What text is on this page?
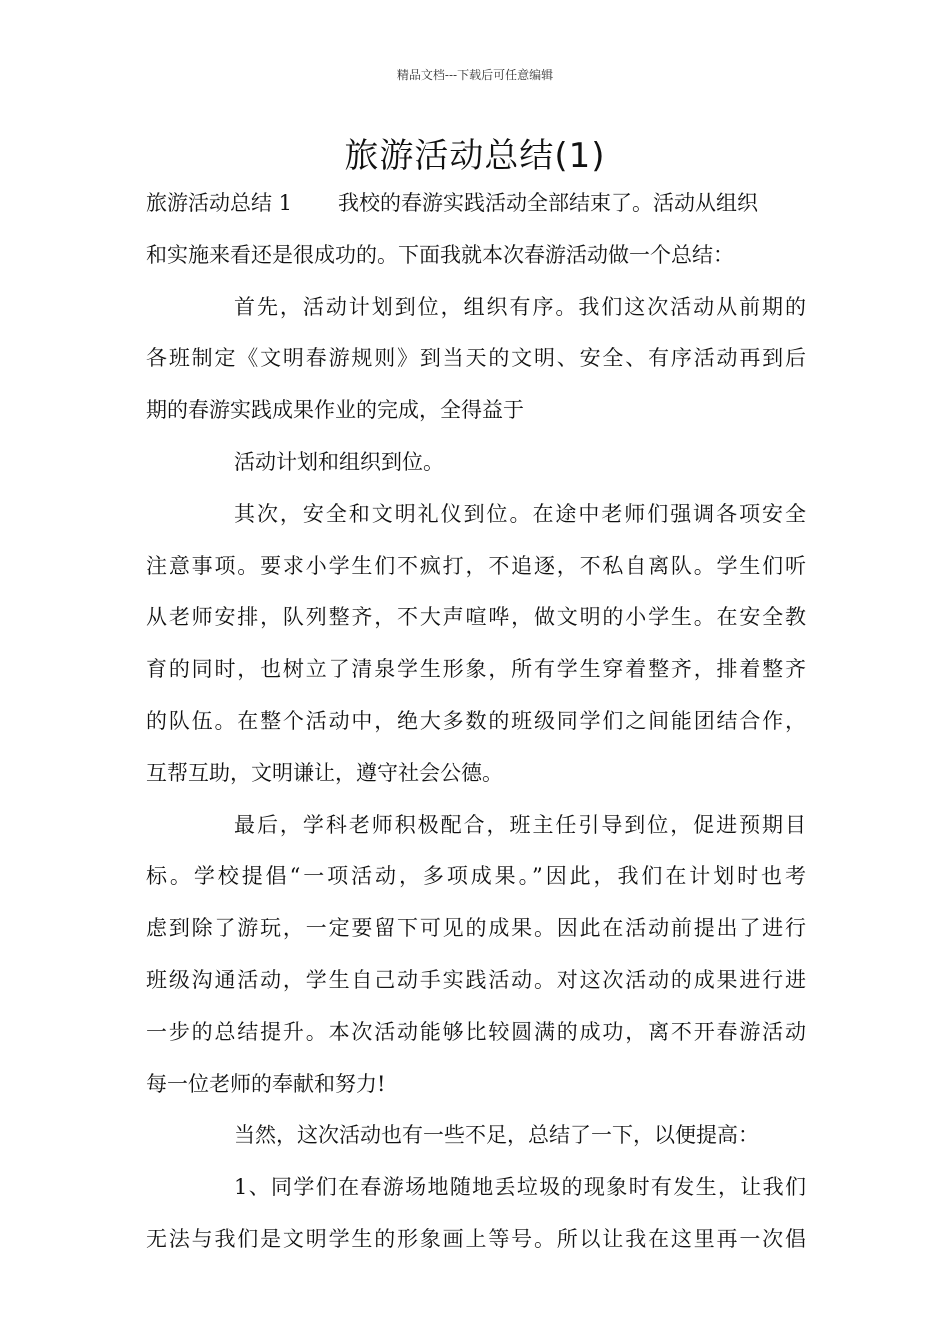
精品文档---下载后可任意编辑
旅游活动总结(1)
旅游活动总结 1 我校的春游实践活动全部结束了。活动从组织
和实施来看还是很成功的。下面我就本次春游活动做一个总结：
首先，活动计划到位，组织有序。我们这次活动从前期的
各班制定《文明春游规则》到当天的文明、安全、有序活动再到后
期的春游实践成果作业的完成，全得益于
活动计划和组织到位。
其次，安全和文明礼仪到位。在途中老师们强调各项安全
注意事项。要求小学生们不疯打，不追逐，不私自离队。学生们听
从老师安排，队列整齐，不大声喧哗，做文明的小学生。在安全教
育的同时，也树立了清泉学生形象，所有学生穿着整齐，排着整齐
的队伍。在整个活动中，绝大多数的班级同学们之间能团结合作，
互帮互助，文明谦让，遵守社会公德。
最后，学科老师积极配合，班主任引导到位，促进预期目
标。学校提倡“一项活动，多项成果。”因此，我们在计划时也考
虑到除了游玩，一定要留下可见的成果。因此在活动前提出了进行
班级沟通活动，学生自己动手实践活动。对这次活动的成果进行进
一步的总结提升。本次活动能够比较圆满的成功，离不开春游活动
每一位老师的奉献和努力!
当然，这次活动也有一些不足，总结了一下，以便提高：
1、同学们在春游场地随地丢垃圾的现象时有发生，让我们
无法与我们是文明学生的形象画上等号。所以让我在这里再一次倡
